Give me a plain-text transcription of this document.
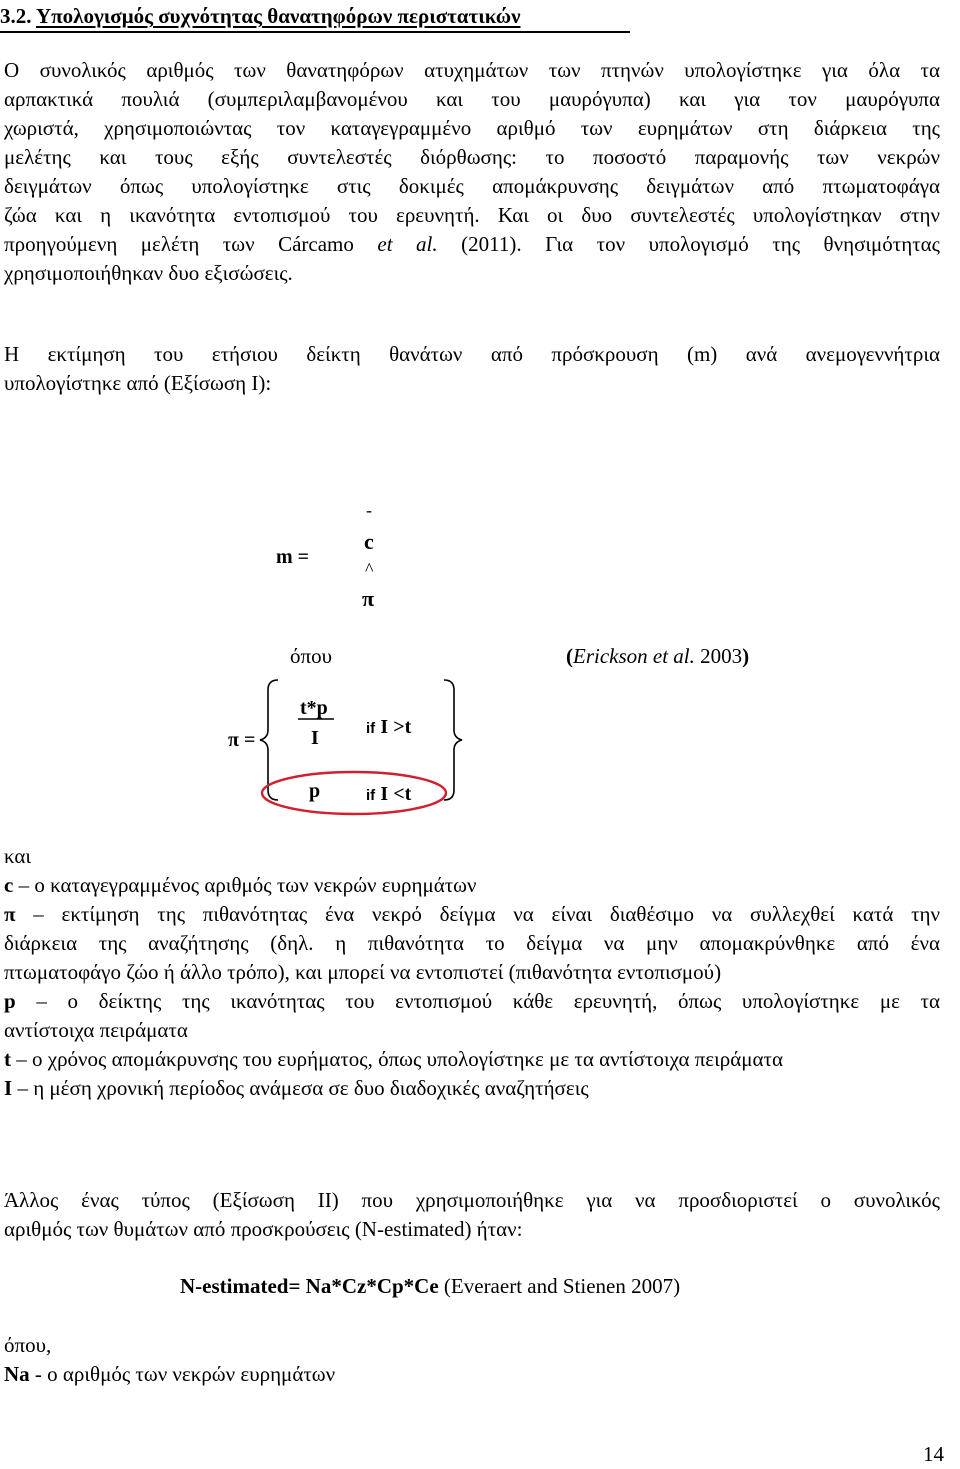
3.2. Υπολογισμός συχνότητας θανατηφόρων περιστατικών
Ο συνολικός αριθμός των θανατηφόρων ατυχημάτων των πτηνών υπολογίστηκε για όλα τα
αρπακτικά πουλιά (συμπεριλαμβανομένου και του μαυρόγυπα) και για τον μαυρόγυπα
χωριστά, χρησιμοποιώντας τον καταγεγραμμένο αριθμό των ευρημάτων στη διάρκεια της
μελέτης και τους εξής συντελεστές διόρθωσης: το ποσοστό παραμονής των νεκρών
δειγμάτων όπως υπολογίστηκε στις δοκιμές απομάκρυνσης δειγμάτων από πτωματοφάγα
ζώα και η ικανότητα εντοπισμού του ερευνητή. Και οι δυο συντελεστές υπολογίστηκαν στην
προηγούμενη μελέτη των Cárcamo et al. (2011). Για τον υπολογισμό της θνησιμότητας
χρησιμοποιήθηκαν δυο εξισώσεις.
Η εκτίμηση του ετήσιου δείκτη θανάτων από πρόσκρουση (m) ανά ανεμογεννήτρια
υπολογίστηκε από (Εξίσωση Ι):
-
m =
c
^
π
όπου	(Erickson et al. 2003)
π =
t*p
I	if I >t
p	if I <t
και
c – ο καταγεγραμμένος αριθμός των νεκρών ευρημάτων
π – εκτίμηση της πιθανότητας ένα νεκρό δείγμα να είναι διαθέσιμο να συλλεχθεί κατά την
διάρκεια της αναζήτησης (δηλ. η πιθανότητα το δείγμα να μην απομακρύνθηκε από ένα
πτωματοφάγο ζώο ή άλλο τρόπο), και μπορεί να εντοπιστεί (πιθανότητα εντοπισμού)
p – ο δείκτης της ικανότητας του εντοπισμού κάθε ερευνητή, όπως υπολογίστηκε με τα
αντίστοιχα πειράματα
t – ο χρόνος απομάκρυνσης του ευρήματος, όπως υπολογίστηκε με τα αντίστοιχα πειράματα
I – η μέση χρονική περίοδος ανάμεσα σε δυο διαδοχικές αναζητήσεις
Άλλος ένας τύπος (Εξίσωση ΙΙ) που χρησιμοποιήθηκε για να προσδιοριστεί ο συνολικός
αριθμός των θυμάτων από προσκρούσεις (N-estimated) ήταν:
N-estimated= Na*Cz*Cp*Ce (Everaert and Stienen 2007)
όπου,
Na - ο αριθμός των νεκρών ευρημάτων
14
